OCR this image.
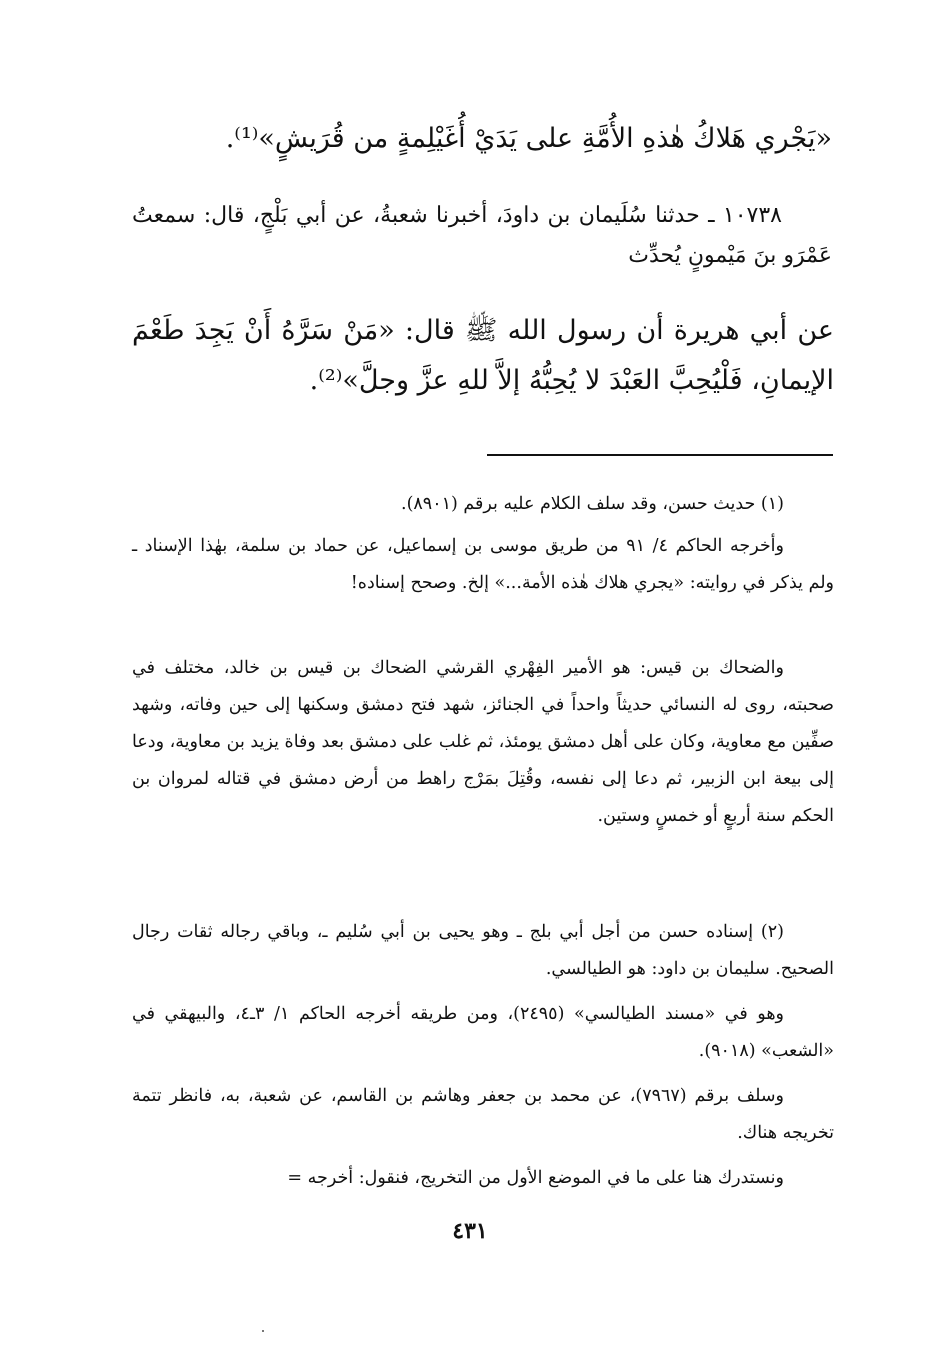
«يَجْري هَلاكُ هٰذهِ الأُمَّةِ على يَدَيْ أُغَيْلِمةٍ من قُرَيشٍ»⁽¹⁾.

١٠٧٣٨ ـ حدثنا سُلَيمان بن داودَ، أخبرنا شعبةُ، عن أبي بَلْجٍ، قال: سمعتُ عَمْرَو بنَ مَيْمونٍ يُحدِّث

عن أبي هريرة أن رسول الله ﷺ قال: «مَنْ سَرَّهُ أَنْ يَجِدَ طَعْمَ الإيمانِ، فَلْيُحِبَّ العَبْدَ لا يُحِبُّهُ إلاَّ للهِ عزَّ وجلَّ»⁽²⁾.

(١) حديث حسن، وقد سلف الكلام عليه برقم (٨٩٠١).

وأخرجه الحاكم ٤/ ٩١ من طريق موسى بن إسماعيل، عن حماد بن سلمة، بهٰذا الإسناد ـ ولم يذكر في روايته: «يجري هلاك هٰذه الأمة...» إلخ. وصحح إسناده!

والضحاك بن قيس: هو الأمير الفِهْري القرشي الضحاك بن قيس بن خالد، مختلف في صحبته، روى له النسائي حديثاً واحداً في الجنائز، شهد فتح دمشق وسكنها إلى حين وفاته، وشهد صفِّين مع معاوية، وكان على أهل دمشق يومئذ، ثم غلب على دمشق بعد وفاة يزيد بن معاوية، ودعا إلى بيعة ابن الزبير، ثم دعا إلى نفسه، وقُتِلَ بمَرْج راهط من أرض دمشق في قتاله لمروان بن الحكم سنة أربعٍ أو خمسٍ وستين.

(٢) إسناده حسن من أجل أبي بلج ـ وهو يحيى بن أبي سُليم ـ، وباقي رجاله ثقات رجال الصحيح. سليمان بن داود: هو الطيالسي.

وهو في «مسند الطيالسي» (٢٤٩٥)، ومن طريقه أخرجه الحاكم ١/ ٣ـ٤، والبيهقي في «الشعب» (٩٠١٨).

وسلف برقم (٧٩٦٧)، عن محمد بن جعفر وهاشم بن القاسم، عن شعبة، به، فانظر تتمة تخريجه هناك.

ونستدرك هنا على ما في الموضع الأول من التخريج، فنقول: أخرجه =

٤٣١
